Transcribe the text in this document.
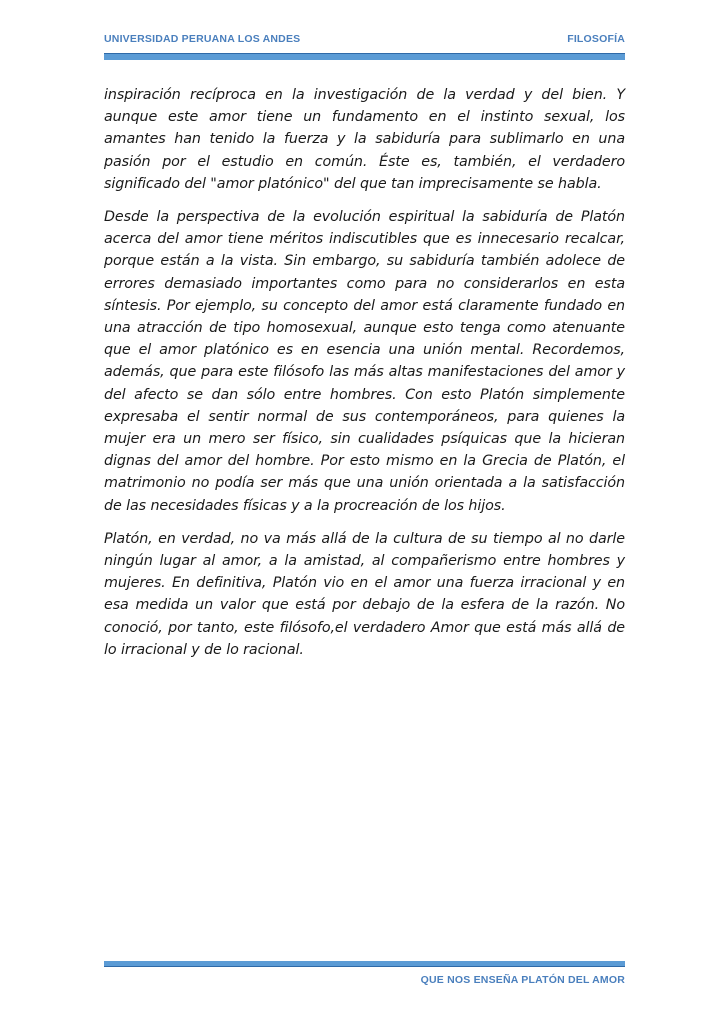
UNIVERSIDAD PERUANA LOS ANDES	FILOSOFÍA

inspiración recíproca en la investigación de la verdad y del bien. Y aunque este amor tiene un fundamento en el instinto sexual, los amantes han tenido la fuerza y la sabiduría para sublimarlo en una pasión por el estudio en común. Éste es, también, el verdadero significado del "amor platónico" del que tan imprecisamente se habla.

Desde la perspectiva de la evolución espiritual la sabiduría de Platón acerca del amor tiene méritos indiscutibles que es innecesario recalcar, porque están a la vista. Sin embargo, su sabiduría también adolece de errores demasiado importantes como para no considerarlos en esta síntesis. Por ejemplo, su concepto del amor está claramente fundado en una atracción de tipo homosexual, aunque esto tenga como atenuante que el amor platónico es en esencia una unión mental. Recordemos, además, que para este filósofo las más altas manifestaciones del amor y del afecto se dan sólo entre hombres. Con esto Platón simplemente expresaba el sentir normal de sus contemporáneos, para quienes la mujer era un mero ser físico, sin cualidades psíquicas que la hicieran dignas del amor del hombre. Por esto mismo en la Grecia de Platón, el matrimonio no podía ser más que una unión orientada a la satisfacción de las necesidades físicas y a la procreación de los hijos.

Platón, en verdad, no va más allá de la cultura de su tiempo al no darle ningún lugar al amor, a la amistad, al compañerismo entre hombres y mujeres. En definitiva, Platón vio en el amor una fuerza irracional y en esa medida un valor que está por debajo de la esfera de la razón. No conoció, por tanto, este filósofo,el verdadero Amor que está más allá de lo irracional y de lo racional.

QUE NOS ENSEÑA PLATÓN DEL AMOR
